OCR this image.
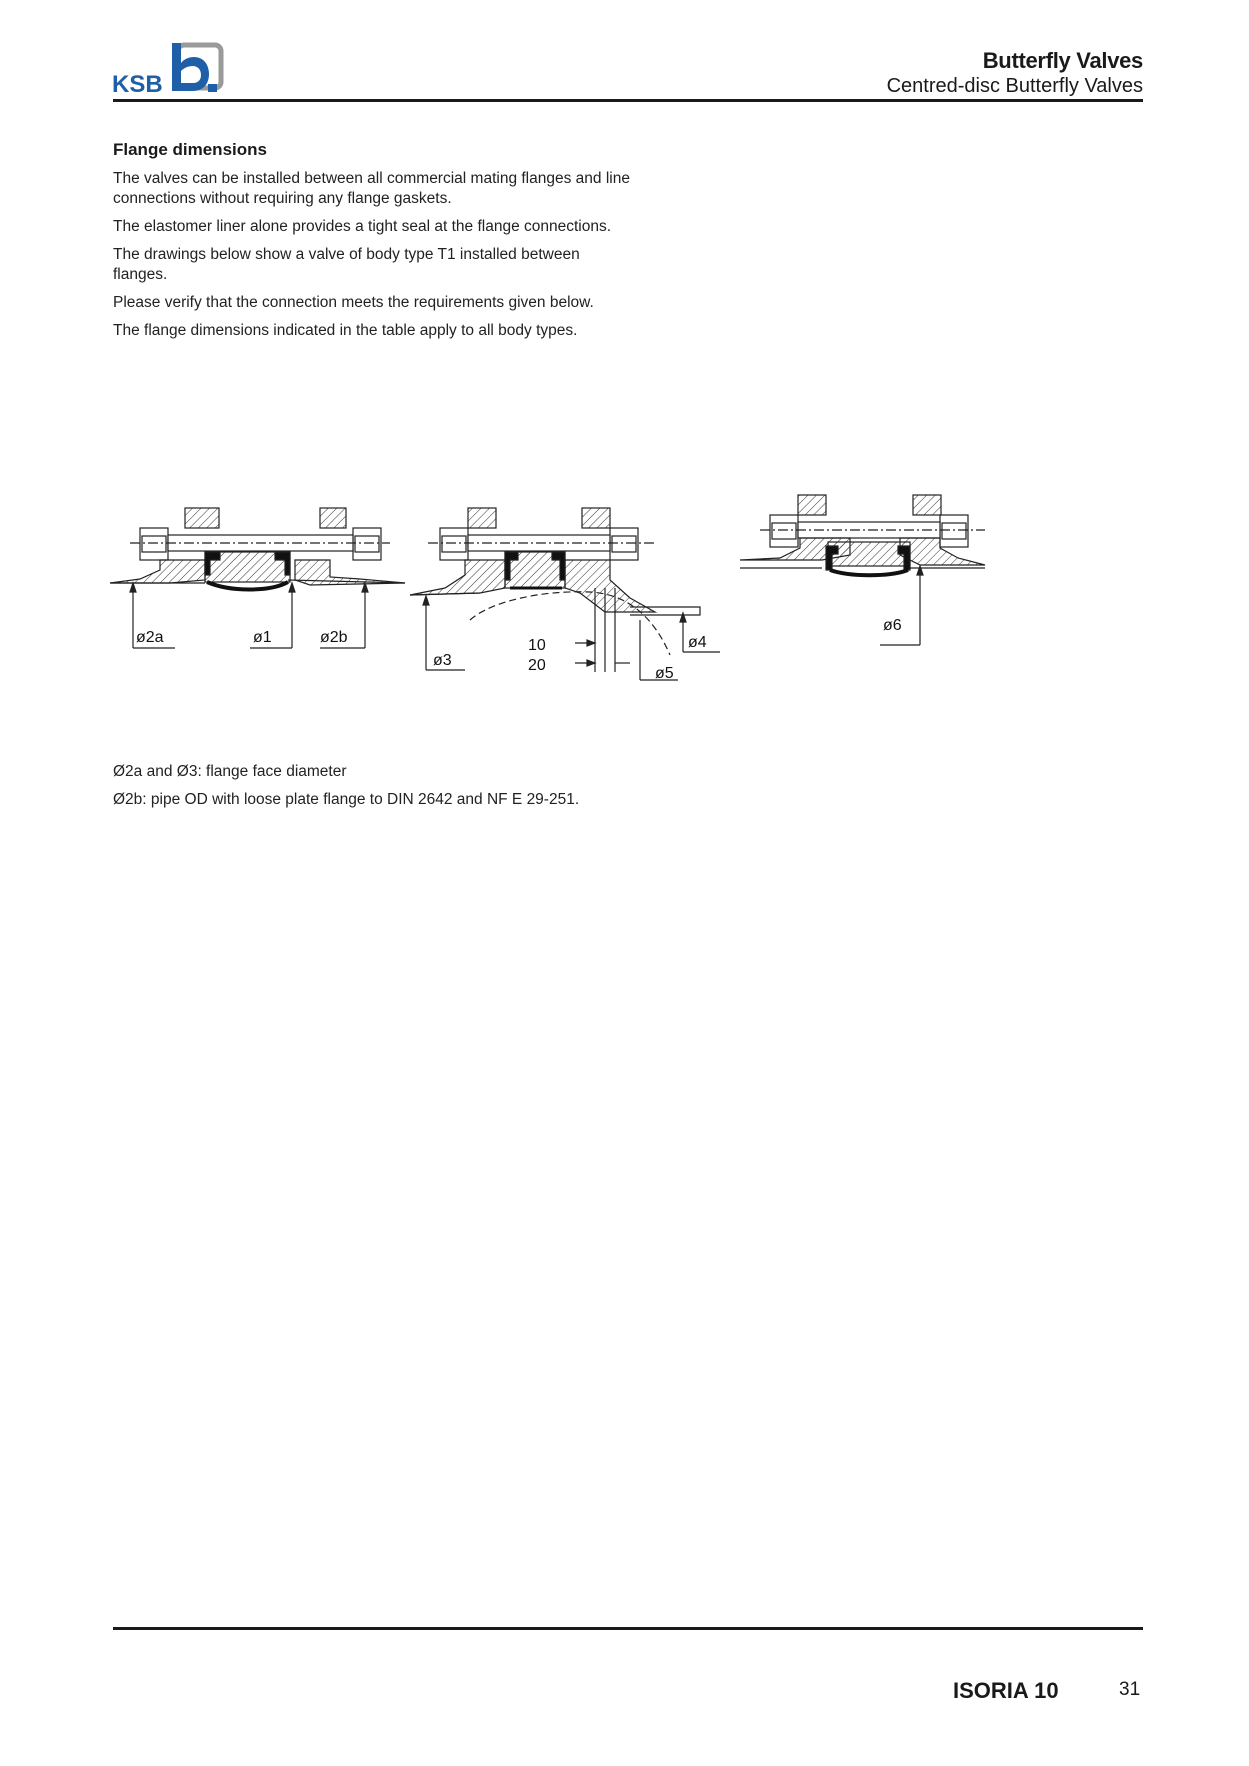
KSB
Butterfly Valves
Centred-disc Butterfly Valves
Flange dimensions

The valves can be installed between all commercial mating flanges and line connections without requiring any flange gaskets.

The elastomer liner alone provides a tight seal at the flange connections.

The drawings below show a valve of body type T1 installed between flanges.

Please verify that the connection meets the requirements given below.

The flange dimensions indicated in the table apply to all body types.

ø2a	ø1	ø2b
ø3
10
20
ø4
ø5
ø6

Ø2a and Ø3: flange face diameter

Ø2b: pipe OD with loose plate flange to DIN 2642 and NF E 29-251.

ISORIA 10	31
